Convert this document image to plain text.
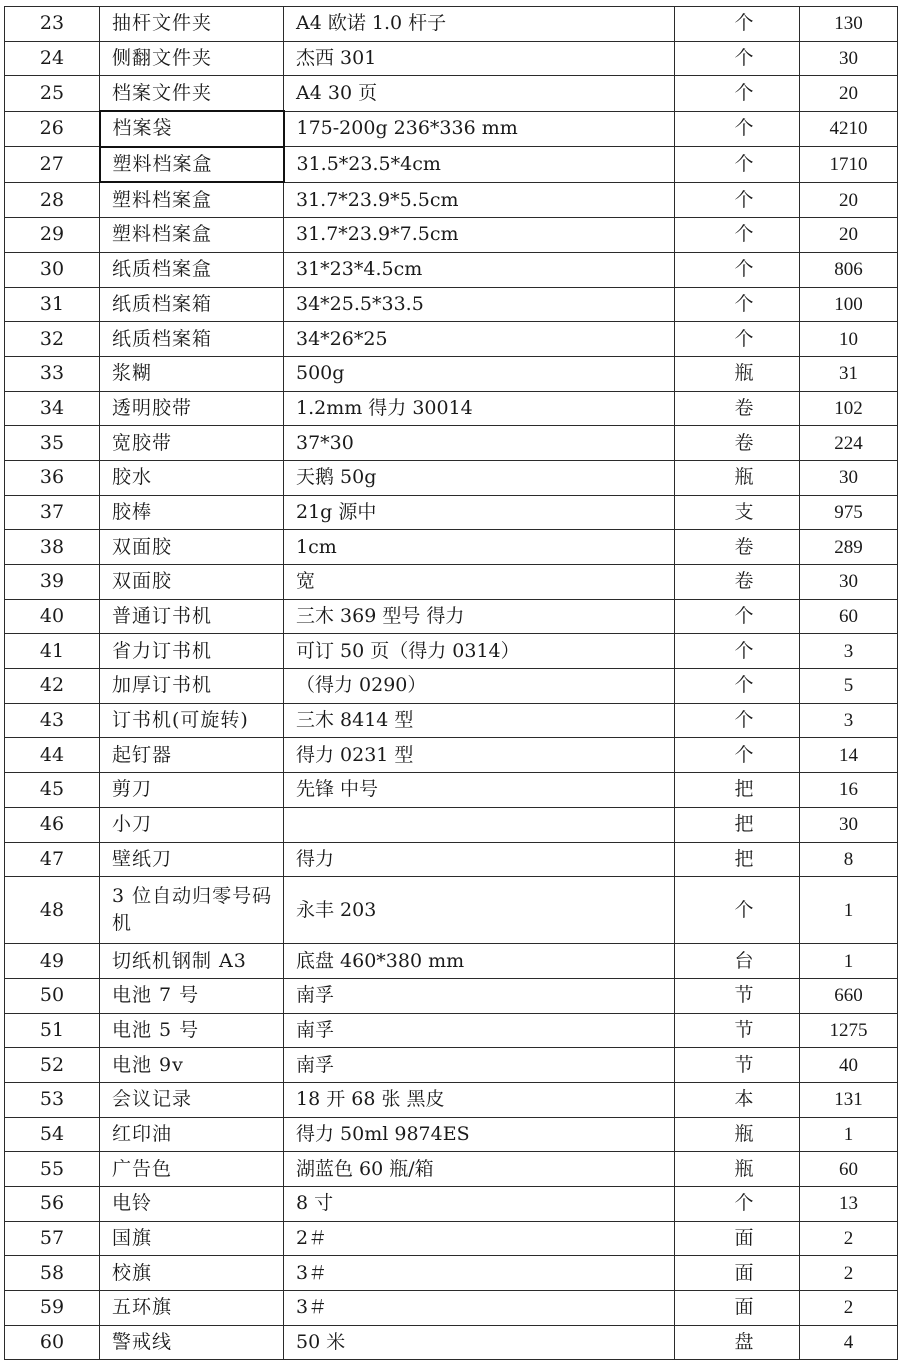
23	抽杆文件夹	A4 欧诺 1.0 杆子	个	130
24	侧翻文件夹	杰西 301	个	30
25	档案文件夹	A4 30 页	个	20
26	档案袋	175-200g 236*336 mm	个	4210
27	塑料档案盒	31.5*23.5*4cm	个	1710
28	塑料档案盒	31.7*23.9*5.5cm	个	20
29	塑料档案盒	31.7*23.9*7.5cm	个	20
30	纸质档案盒	31*23*4.5cm	个	806
31	纸质档案箱	34*25.5*33.5	个	100
32	纸质档案箱	34*26*25	个	10
33	浆糊	500g	瓶	31
34	透明胶带	1.2mm 得力 30014	卷	102
35	宽胶带	37*30	卷	224
36	胶水	天鹅 50g	瓶	30
37	胶棒	21g 源中	支	975
38	双面胶	1cm	卷	289
39	双面胶	宽	卷	30
40	普通订书机	三木 369 型号 得力	个	60
41	省力订书机	可订 50 页（得力 0314）	个	3
42	加厚订书机	（得力 0290）	个	5
43	订书机(可旋转)	三木 8414 型	个	3
44	起钉器	得力 0231 型	个	14
45	剪刀	先锋 中号	把	16
46	小刀		把	30
47	壁纸刀	得力	把	8
48	3 位自动归零号码机	永丰 203	个	1
49	切纸机钢制 A3	底盘 460*380 mm	台	1
50	电池 7 号	南孚	节	660
51	电池 5 号	南孚	节	1275
52	电池 9v	南孚	节	40
53	会议记录	18 开 68 张 黑皮	本	131
54	红印油	得力 50ml 9874ES	瓶	1
55	广告色	湖蓝色 60 瓶/箱	瓶	60
56	电铃	8 寸	个	13
57	国旗	2＃	面	2
58	校旗	3＃	面	2
59	五环旗	3＃	面	2
60	警戒线	50 米	盘	4
